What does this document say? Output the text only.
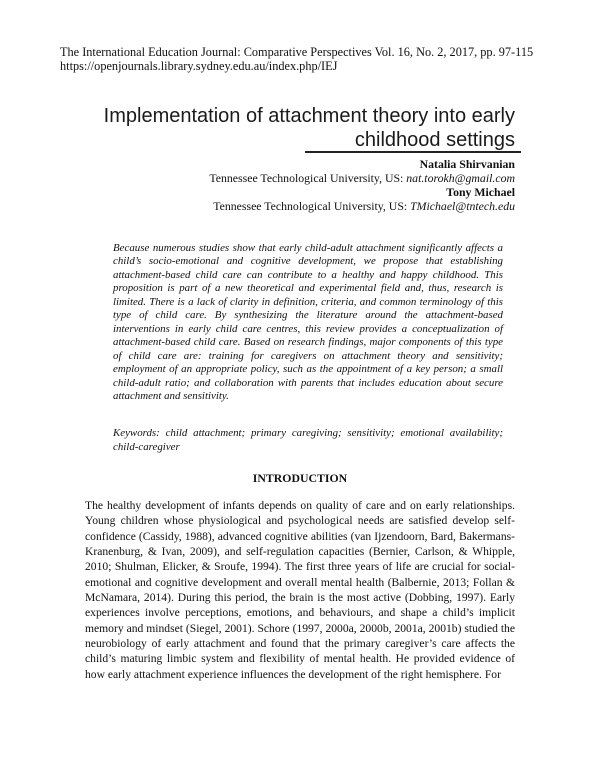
The International Education Journal: Comparative Perspectives Vol. 16, No. 2, 2017, pp. 97-115
https://openjournals.library.sydney.edu.au/index.php/IEJ
Implementation of attachment theory into early childhood settings
Natalia Shirvanian
Tennessee Technological University, US: nat.torokh@gmail.com
Tony Michael
Tennessee Technological University, US: TMichael@tntech.edu
Because numerous studies show that early child-adult attachment significantly affects a child’s socio-emotional and cognitive development, we propose that establishing attachment-based child care can contribute to a healthy and happy childhood. This proposition is part of a new theoretical and experimental field and, thus, research is limited. There is a lack of clarity in definition, criteria, and common terminology of this type of child care. By synthesizing the literature around the attachment-based interventions in early child care centres, this review provides a conceptualization of attachment-based child care. Based on research findings, major components of this type of child care are: training for caregivers on attachment theory and sensitivity; employment of an appropriate policy, such as the appointment of a key person; a small child-adult ratio; and collaboration with parents that includes education about secure attachment and sensitivity.
Keywords: child attachment; primary caregiving; sensitivity; emotional availability; child-caregiver
INTRODUCTION
The healthy development of infants depends on quality of care and on early relationships. Young children whose physiological and psychological needs are satisfied develop self-confidence (Cassidy, 1988), advanced cognitive abilities (van Ijzendoorn, Bard, Bakermans-Kranenburg, & Ivan, 2009), and self-regulation capacities (Bernier, Carlson, & Whipple, 2010; Shulman, Elicker, & Sroufe, 1994). The first three years of life are crucial for social-emotional and cognitive development and overall mental health (Balbernie, 2013; Follan & McNamara, 2014). During this period, the brain is the most active (Dobbing, 1997). Early experiences involve perceptions, emotions, and behaviours, and shape a child’s implicit memory and mindset (Siegel, 2001). Schore (1997, 2000a, 2000b, 2001a, 2001b) studied the neurobiology of early attachment and found that the primary caregiver’s care affects the child’s maturing limbic system and flexibility of mental health. He provided evidence of how early attachment experience influences the development of the right hemisphere. For
